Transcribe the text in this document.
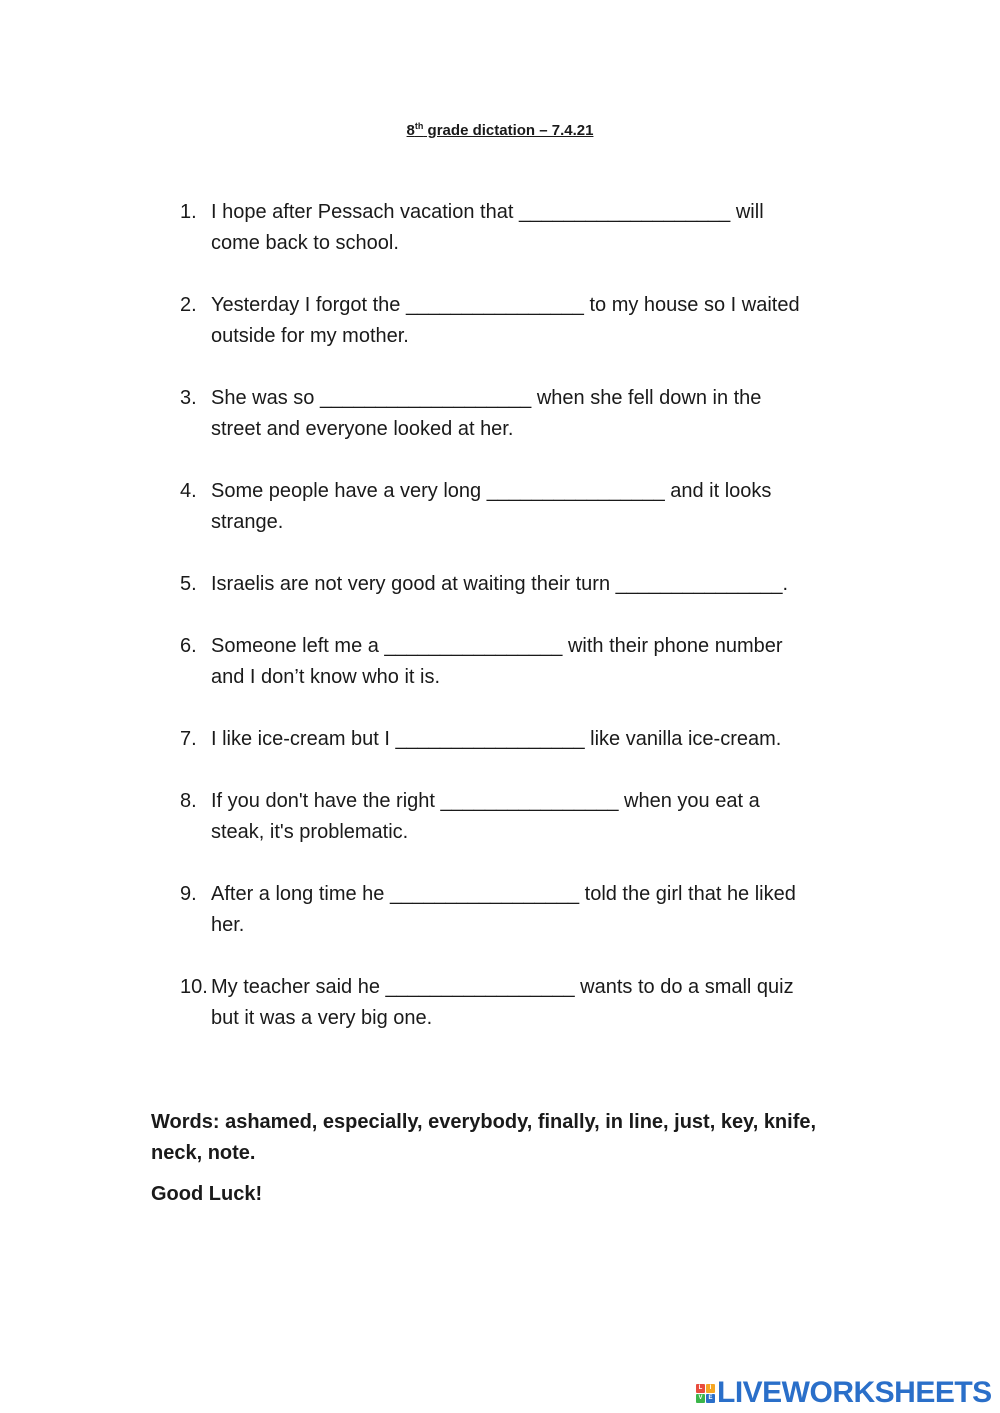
8th grade dictation – 7.4.21
1. I hope after Pessach vacation that ___________________ will
come back to school.
2. Yesterday I forgot the ________________ to my house so I waited
outside for my mother.
3. She was so ___________________ when she fell down in the
street and everyone looked at her.
4. Some people have a very long ________________ and it looks
strange.
5. Israelis are not very good at waiting their turn _______________.
6. Someone left me a ________________ with their phone number
and I don’t know who it is.
7. I like ice-cream but I _________________ like vanilla ice-cream.
8. If you don't have the right ________________ when you eat a
steak, it's problematic.
9. After a long time he _________________ told the girl that he liked
her.
10. My teacher said he _________________ wants to do a small quiz
but it was a very big one.
Words: ashamed, especially, everybody, finally, in line, just, key, knife, neck, note.
Good Luck!
L	I
V E LIVEWORKSHEETS
